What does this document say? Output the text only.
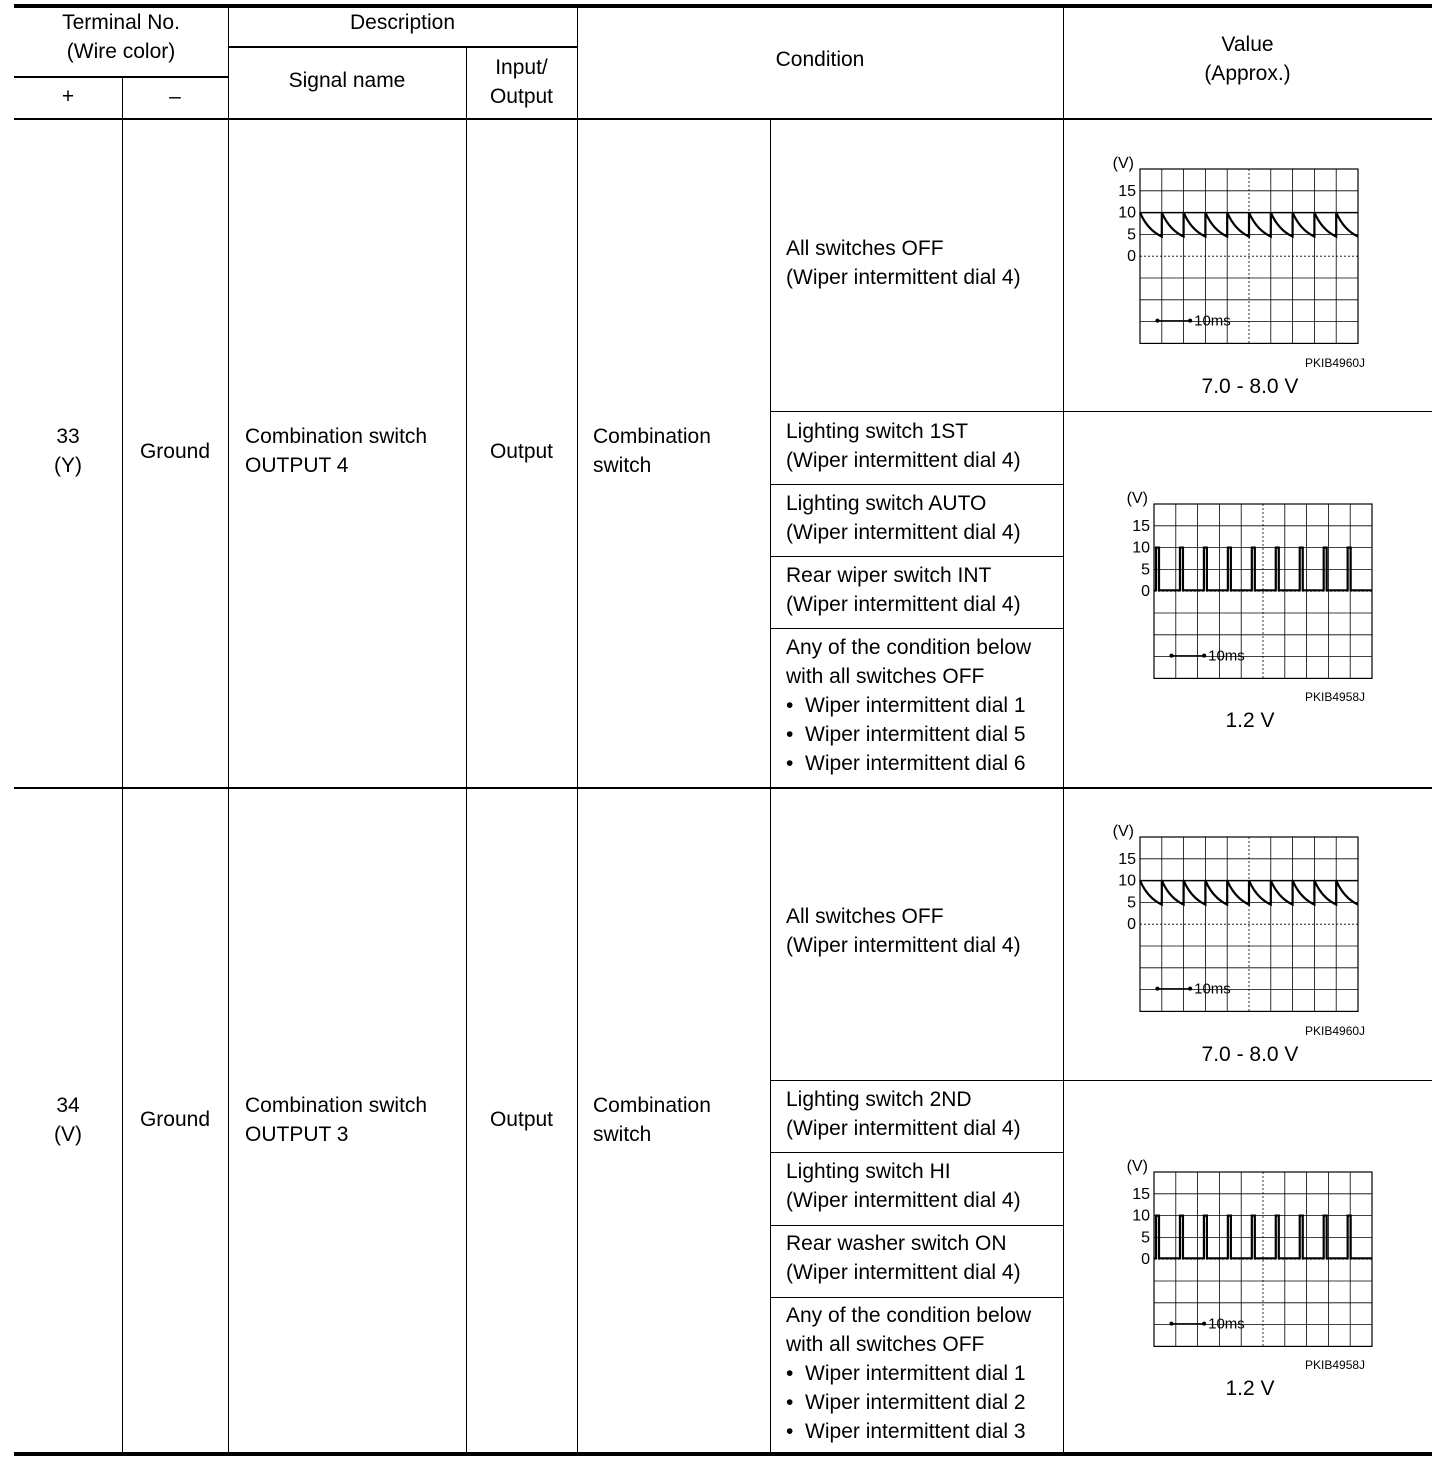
Terminal No.
(Wire color)
+	–
Description
Signal name
Input/
Output
Condition
Value
(Approx.)
33
(Y)
Ground
Combination switch
OUTPUT 4
Output
Combination
switch
All switches OFF
(Wiper intermittent dial 4)
Lighting switch 1ST
(Wiper intermittent dial 4)
Lighting switch AUTO
(Wiper intermittent dial 4)
Rear wiper switch INT
(Wiper intermittent dial 4)
Any of the condition below
with all switches OFF
•  Wiper intermittent dial 1
•  Wiper intermittent dial 5
•  Wiper intermittent dial 6
(V)
15
10
5
0
10ms
PKIB4960J
7.0 - 8.0 V
(V)
15
10
5
0
10ms
PKIB4958J
1.2 V
34
(V)
Ground
Combination switch
OUTPUT 3
Output
Combination
switch
All switches OFF
(Wiper intermittent dial 4)
Lighting switch 2ND
(Wiper intermittent dial 4)
Lighting switch HI
(Wiper intermittent dial 4)
Rear washer switch ON
(Wiper intermittent dial 4)
Any of the condition below
with all switches OFF
•  Wiper intermittent dial 1
•  Wiper intermittent dial 2
•  Wiper intermittent dial 3
(V)
15
10
5
0
10ms
PKIB4960J
7.0 - 8.0 V
(V)
15
10
5
0
10ms
PKIB4958J
1.2 V
